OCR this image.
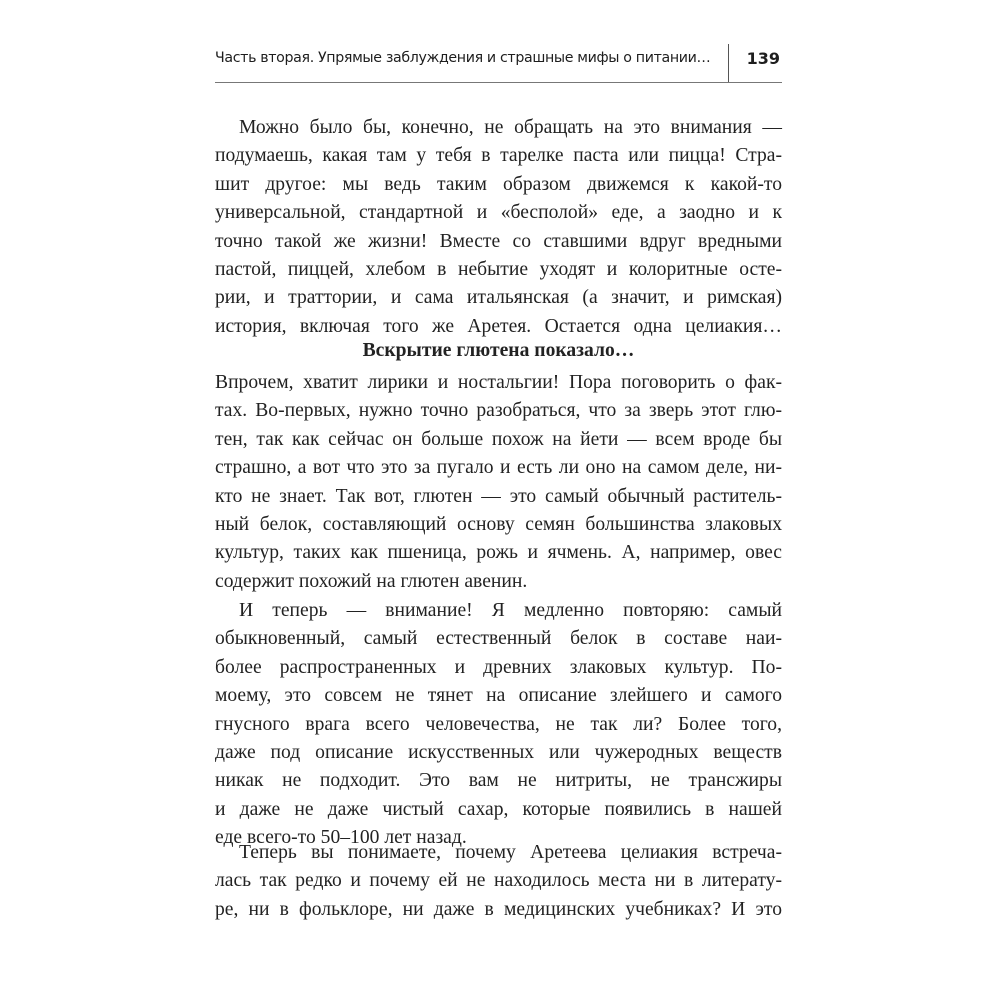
Часть вторая. Упрямые заблуждения и страшные мифы о питании… 139
Можно было бы, конечно, не обращать на это внимания —
подумаешь, какая там у тебя в тарелке паста или пицца! Стра-
шит другое: мы ведь таким образом движемся к какой-то
универсальной, стандартной и «бесполой» еде, а заодно и к
точно такой же жизни! Вместе со ставшими вдруг вредными
пастой, пиццей, хлебом в небытие уходят и колоритные осте-
рии, и траттории, и сама итальянская (а значит, и римская)
история, включая того же Аретея. Остается одна целиакия…
Вскрытие глютена показало…
Впрочем, хватит лирики и ностальгии! Пора поговорить о фак-
тах. Во-первых, нужно точно разобраться, что за зверь этот глю-
тен, так как сейчас он больше похож на йети — всем вроде бы
страшно, а вот что это за пугало и есть ли оно на самом деле, ни-
кто не знает. Так вот, глютен — это самый обычный раститель-
ный белок, составляющий основу семян большинства злаковых
культур, таких как пшеница, рожь и ячмень. А, например, овес
содержит похожий на глютен авенин.
И теперь — внимание! Я медленно повторяю: самый
обыкновенный, самый естественный белок в составе наи-
более распространенных и древних злаковых культур. По-
моему, это совсем не тянет на описание злейшего и самого
гнусного врага всего человечества, не так ли? Более того,
даже под описание искусственных или чужеродных веществ
никак не подходит. Это вам не нитриты, не трансжиры
и даже не даже чистый сахар, которые появились в нашей
еде всего-то 50–100 лет назад.
Теперь вы понимаете, почему Аретеева целиакия встреча-
лась так редко и почему ей не находилось места ни в литерату-
ре, ни в фольклоре, ни даже в медицинских учебниках? И это
